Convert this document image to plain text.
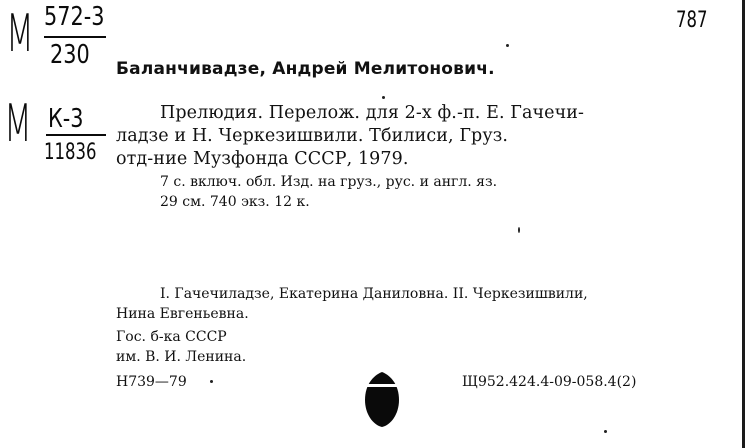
М 572-3
230
М К-3
11836
787
Баланчивадзе, Андрей Мелитонович.
Прелюдия. Перелож. для 2-х ф.-п. Е. Гачечи-
ладзе и Н. Черкезишвили. Тбилиси, Груз.
отд-ние Музфонда СССР, 1979.
7 с. включ. обл. Изд. на груз., рус. и англ. яз.
29 см. 740 экз. 12 к.
I. Гачечиладзе, Екатерина Даниловна. II. Черкезишвили,
Нина Евгеньевна.
Гос. б-ка СССР
им. В. И. Ленина.
Н739—79	Щ952.424.4-09-058.4(2)
